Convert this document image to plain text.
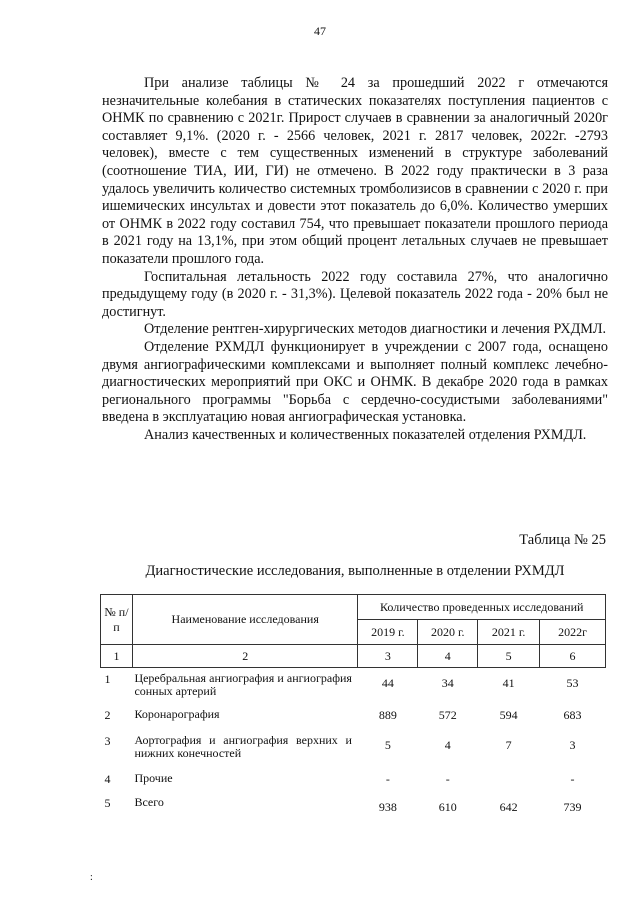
47

При анализе таблицы № 24 за прошедший 2022 г отмечаются незначительные колебания в статических показателях поступления пациентов с ОНМК по сравнению с 2021г. Прирост случаев в сравнении за аналогичный 2020г составляет 9,1%. (2020 г. - 2566 человек, 2021 г. 2817 человек, 2022г. -2793 человек), вместе с тем существенных изменений в структуре заболеваний (соотношение ТИА, ИИ, ГИ) не отмечено. В 2022 году практически в 3 раза удалось увеличить количество системных тромболизисов в сравнении с 2020 г. при ишемических инсультах и довести этот показатель до 6,0%. Количество умерших от ОНМК в 2022 году составил 754, что превышает показатели прошлого периода в 2021 году на 13,1%, при этом общий процент летальных случаев не превышает показатели прошлого года.

Госпитальная летальность 2022 году составила 27%, что аналогично предыдущему году (в 2020 г. - 31,3%). Целевой показатель 2022 года - 20% был не достигнут.

Отделение рентген-хирургических методов диагностики и лечения РХДМЛ.

Отделение РХМДЛ функционирует в учреждении с 2007 года, оснащено двумя ангиографическими комплексами и выполняет полный комплекс лечебно-диагностических мероприятий при ОКС и ОНМК. В декабре 2020 года в рамках регионального программы "Борьба с сердечно-сосудистыми заболеваниями" введена в эксплуатацию новая ангиографическая установка.

Анализ качественных и количественных показателей отделения РХМДЛ.

Таблица № 25
Диагностические исследования, выполненные в отделении РХМДЛ
№ п/п	Наименование исследования	Количество проведенных исследований			
		2019 г.	2020 г.	2021 г.	2022г
1	2	3	4	5	6
1	Церебральная ангиография и ангиография сонных артерий	44	34	41	53
2	Коронарография	889	572	594	683
3	Аортография и ангиография верхних и нижних конечностей	5	4	7	3
4	Прочие	-	-		-
5	Всего	938	610	642	739
:
